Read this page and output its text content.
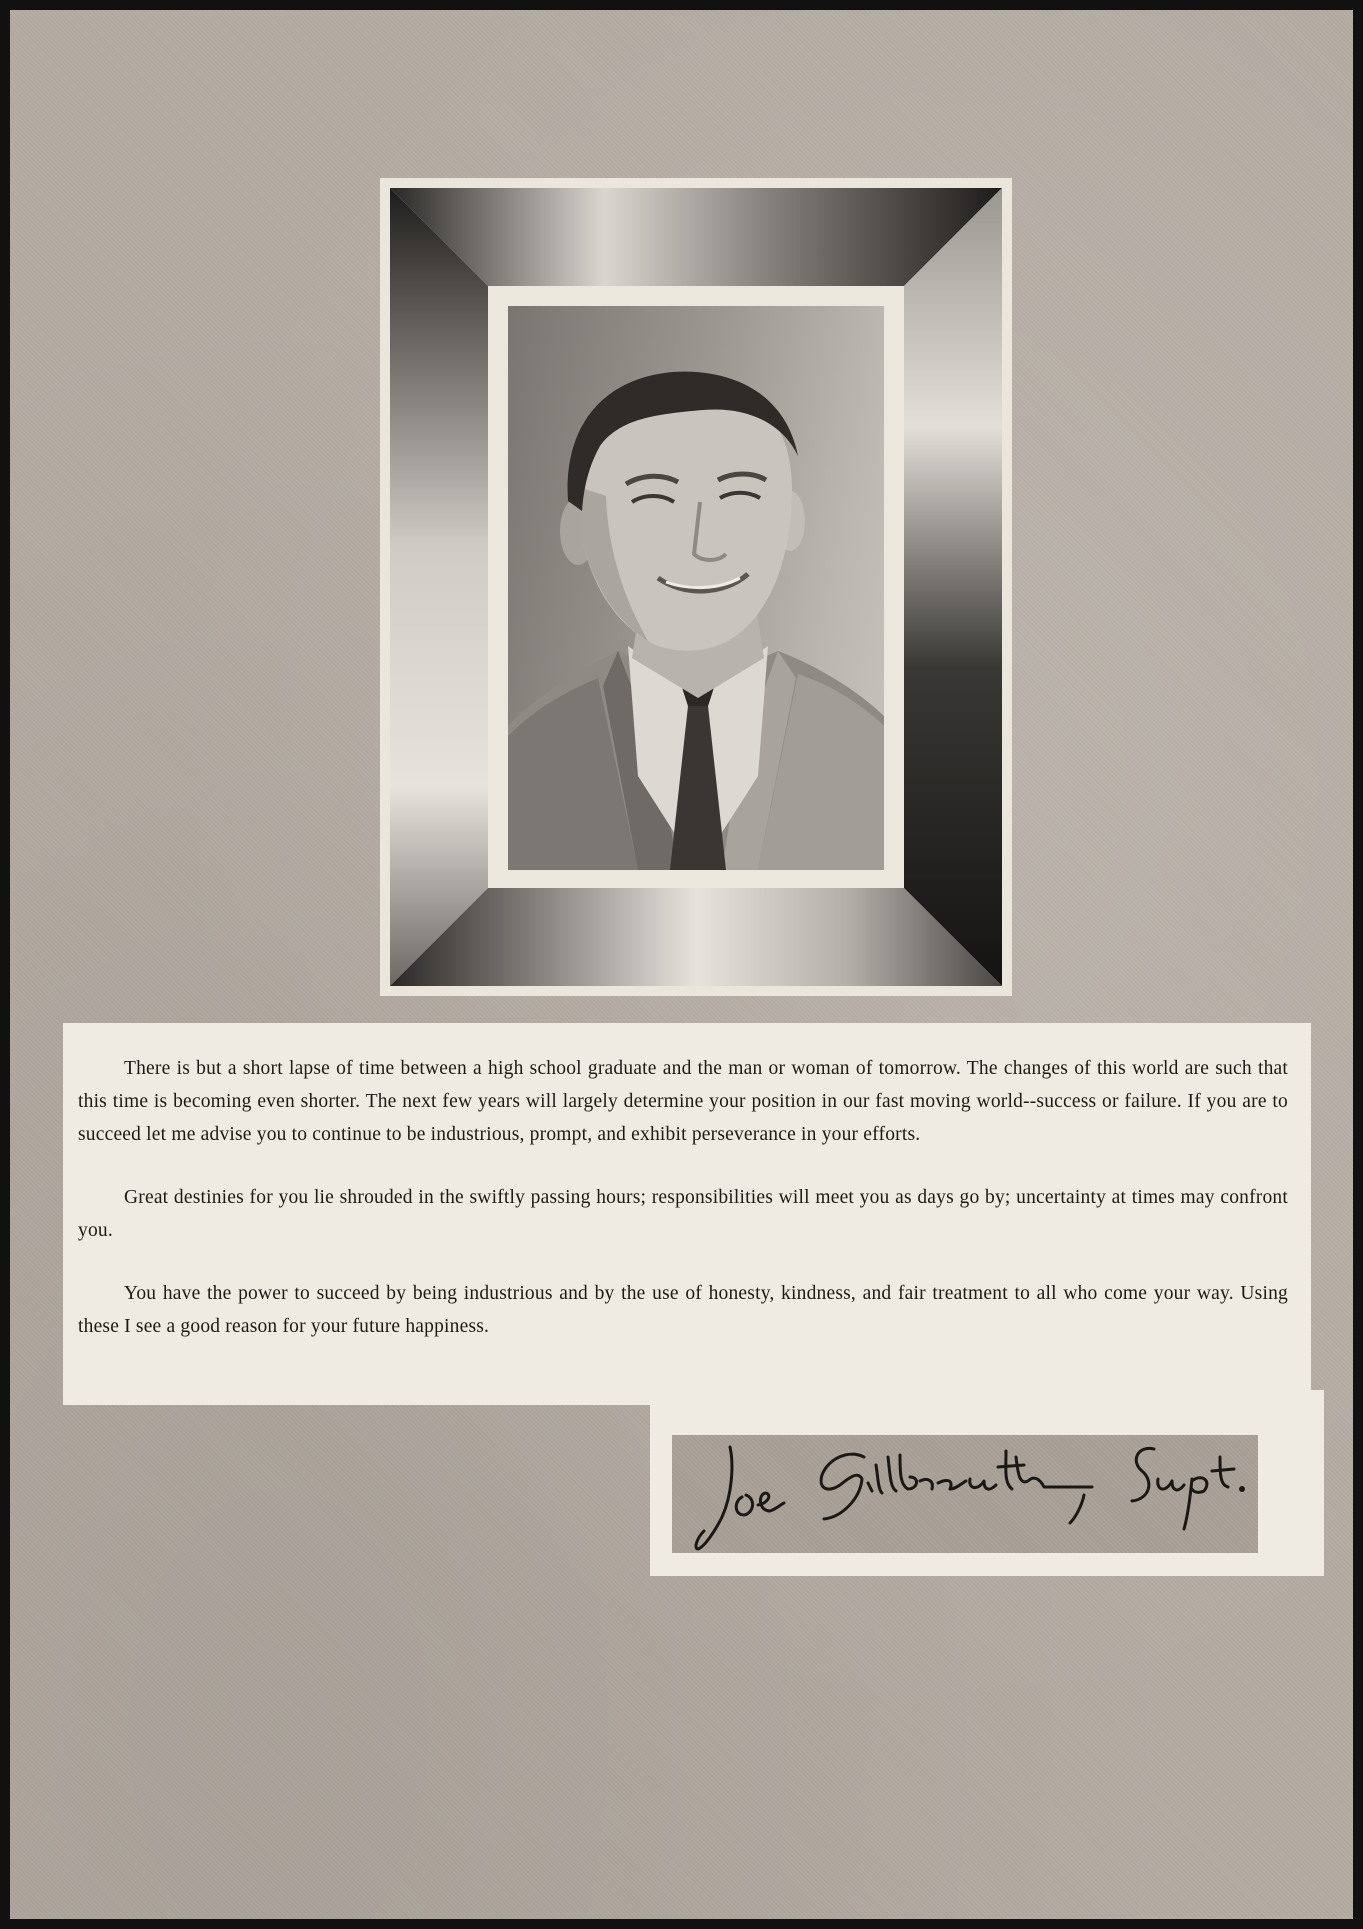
There is but a short lapse of time between a high school graduate and the man or woman of tomorrow. The changes of this world are such that this time is becoming even shorter. The next few years will largely determine your position in our fast moving world--success or failure. If you are to succeed let me advise you to continue to be industrious, prompt, and exhibit perseverance in your efforts.

Great destinies for you lie shrouded in the swiftly passing hours; responsibilities will meet you as days go by; uncertainty at times may confront you.

You have the power to succeed by being industrious and by the use of honesty, kindness, and fair treatment to all who come your way. Using these I see a good reason for your future happiness.
